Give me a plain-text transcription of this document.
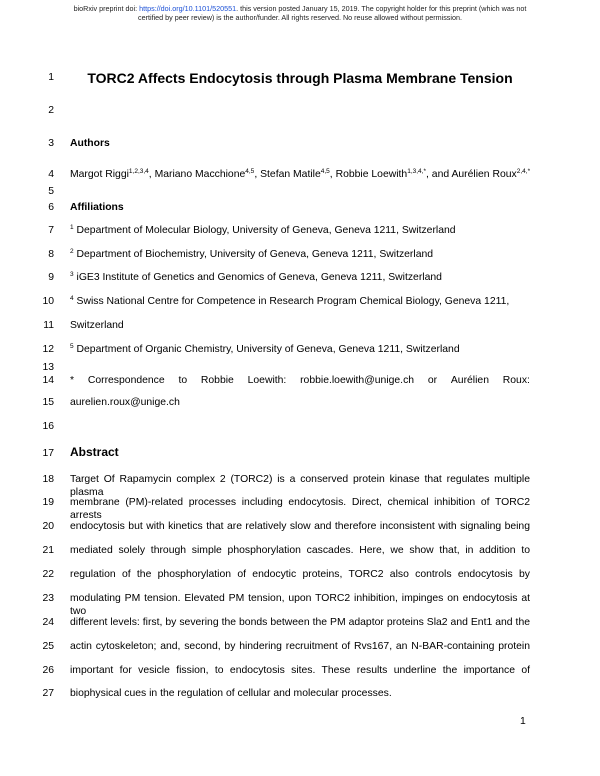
bioRxiv preprint doi: https://doi.org/10.1101/520551. this version posted January 15, 2019. The copyright holder for this preprint (which was not
certified by peer review) is the author/funder. All rights reserved. No reuse allowed without permission.
1
2
3
4
5
6
7
8
9
10
11
12
13
14
15
16
17
18
19
20
21
22
23
24
25
26
27
TORC2 Affects Endocytosis through Plasma Membrane Tension
Authors
Margot Riggi$^{1,2,3,4}$, Mariano Macchione$^{4,5}$, Stefan Matile$^{4,5}$, Robbie Loewith$^{1,3,4,*}$, and Aurélien Roux$^{2,4,*}$
Affiliations
$^1$ Department of Molecular Biology, University of Geneva, Geneva 1211, Switzerland
$^2$ Department of Biochemistry, University of Geneva, Geneva 1211, Switzerland
$^3$ iGE3 Institute of Genetics and Genomics of Geneva, Geneva 1211, Switzerland
$^4$ Swiss National Centre for Competence in Research Program Chemical Biology, Geneva 1211,
Switzerland
$^5$ Department of Organic Chemistry, University of Geneva, Geneva 1211, Switzerland
* Correspondence to Robbie Loewith: robbie.loewith@unige.ch or Aurélien Roux:
aurelien.roux@unige.ch
Abstract
Target Of Rapamycin complex 2 (TORC2) is a conserved protein kinase that regulates multiple plasma
membrane (PM)-related processes including endocytosis. Direct, chemical inhibition of TORC2 arrests
endocytosis but with kinetics that are relatively slow and therefore inconsistent with signaling being
mediated solely through simple phosphorylation cascades. Here, we show that, in addition to
regulation of the phosphorylation of endocytic proteins, TORC2 also controls endocytosis by
modulating PM tension. Elevated PM tension, upon TORC2 inhibition, impinges on endocytosis at two
different levels: first, by severing the bonds between the PM adaptor proteins Sla2 and Ent1 and the
actin cytoskeleton; and, second, by hindering recruitment of Rvs167, an N-BAR-containing protein
important for vesicle fission, to endocytosis sites. These results underline the importance of
biophysical cues in the regulation of cellular and molecular processes.
1
